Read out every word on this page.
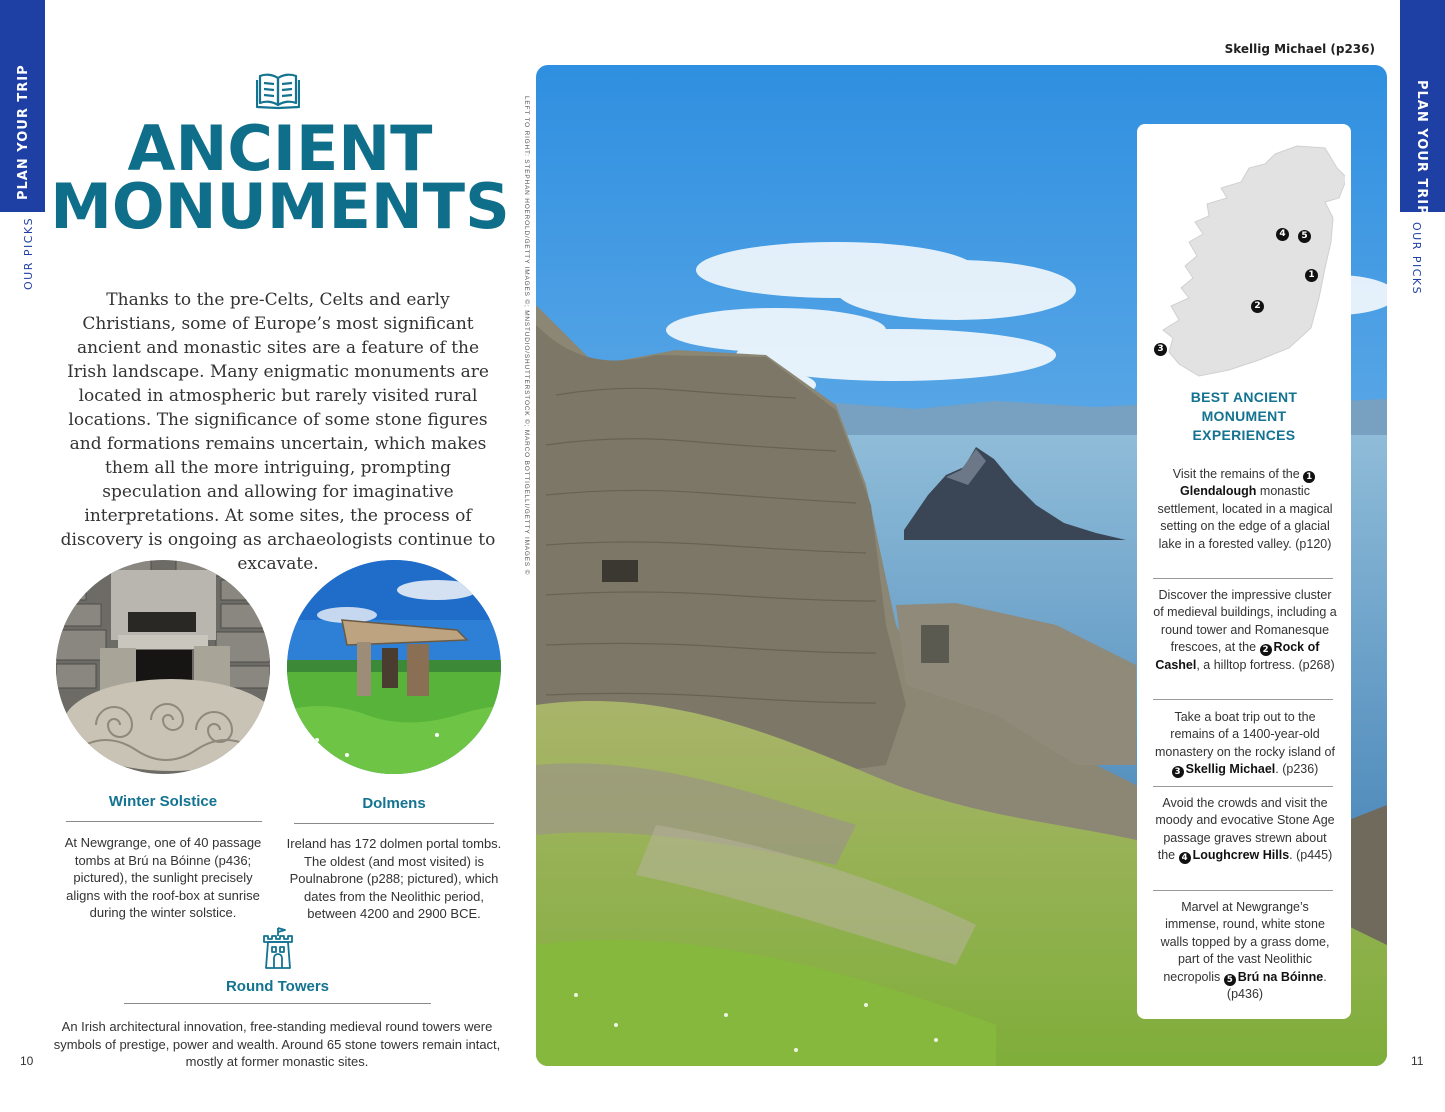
PLAN YOUR TRIP
OUR PICKS
PLAN YOUR TRIP
OUR PICKS
10	11
ANCIENT
MONUMENTS
Thanks to the pre-Celts, Celts and early Christians, some of Europe’s most significant ancient and monastic sites are a feature of the Irish landscape. Many enigmatic monuments are located in atmospheric but rarely visited rural locations. The significance of some stone figures and formations remains uncertain, which makes them all the more intriguing, prompting speculation and allowing for imaginative interpretations. At some sites, the process of discovery is ongoing as archaeologists continue to excavate.
Winter Solstice
At Newgrange, one of 40 passage tombs at Brú na Bóinne (p436; pictured), the sunlight precisely aligns with the roof-box at sunrise during the winter solstice.
Dolmens
Ireland has 172 dolmen portal tombs. The oldest (and most visited) is Poulnabrone (p288; pictured), which dates from the Neolithic period, between 4200 and 2900 BCE.
Round Towers
An Irish architectural innovation, free-standing medieval round towers were symbols of prestige, power and wealth. Around 65 stone towers remain intact, mostly at former monastic sites.
LEFT TO RIGHT: STEPHAN HOEROLD/GETTY IMAGES ©; MNSTUDIO/SHUTTERSTOCK ©; MARCO BOTTIGELLI/GETTY IMAGES ©
Skellig Michael (p236)
4	5
1
2
3
BEST ANCIENT
MONUMENT
EXPERIENCES
Visit the remains of the 1Glendalough monastic settlement, located in a magical setting on the edge of a glacial lake in a forested valley. (p120)
Discover the impressive cluster of medieval buildings, including a round tower and Romanesque frescoes, at the 2 Rock of Cashel, a hilltop fortress. (p268)
Take a boat trip out to the remains of a 1400-year-old monastery on the rocky island of 3 Skellig Michael. (p236)
Avoid the crowds and visit the moody and evocative Stone Age passage graves strewn about the 4 Loughcrew Hills. (p445)
Marvel at Newgrange’s immense, round, white stone walls topped by a grass dome, part of the vast Neolithic necropolis 5 Brú na Bóinne. (p436)
